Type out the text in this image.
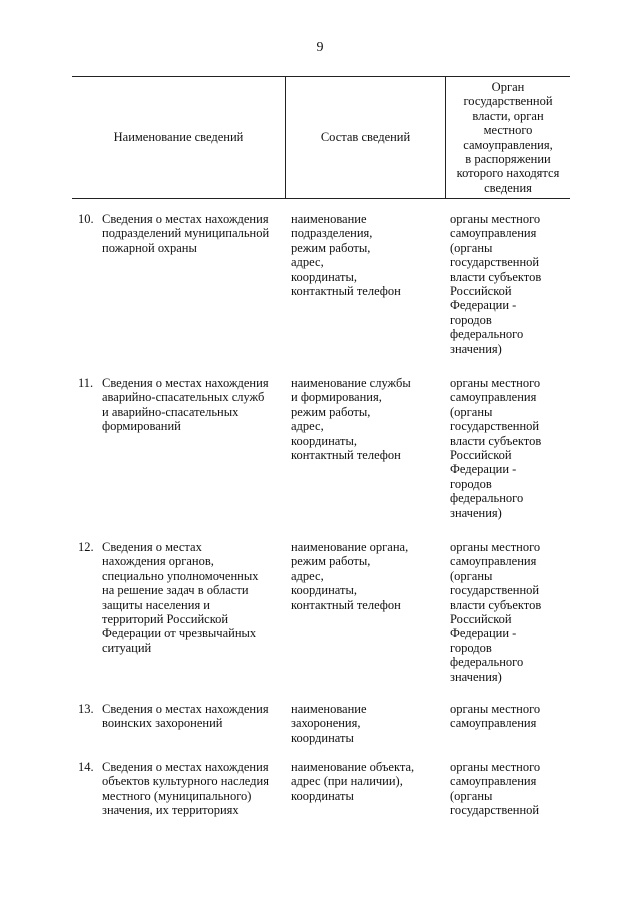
9
Наименование сведений	Состав сведений
Орган
государственной
власти, орган
местного
самоуправления,
в распоряжении
которого находятся
сведения
10. Сведения о местах нахождения
подразделений муниципальной
пожарной охраны
наименование
подразделения,
режим работы,
адрес,
координаты,
контактный телефон
органы местного
самоуправления
(органы
государственной
власти субъектов
Российской
Федерации -
городов
федерального
значения)
11. Сведения о местах нахождения
аварийно-спасательных служб
и аварийно-спасательных
формирований
наименование службы
и формирования,
режим работы,
адрес,
координаты,
контактный телефон
органы местного
самоуправления
(органы
государственной
власти субъектов
Российской
Федерации -
городов
федерального
значения)
12. Сведения о местах
нахождения органов,
специально уполномоченных
на решение задач в области
защиты населения и
территорий Российской
Федерации от чрезвычайных
ситуаций
наименование органа,
режим работы,
адрес,
координаты,
контактный телефон
органы местного
самоуправления
(органы
государственной
власти субъектов
Российской
Федерации -
городов
федерального
значения)
13. Сведения о местах нахождения
воинских захоронений
наименование
захоронения,
координаты
органы местного
самоуправления
14. Сведения о местах нахождения
объектов культурного наследия
местного (муниципального)
значения, их территориях
наименование объекта,
адрес (при наличии),
координаты
органы местного
самоуправления
(органы
государственной
